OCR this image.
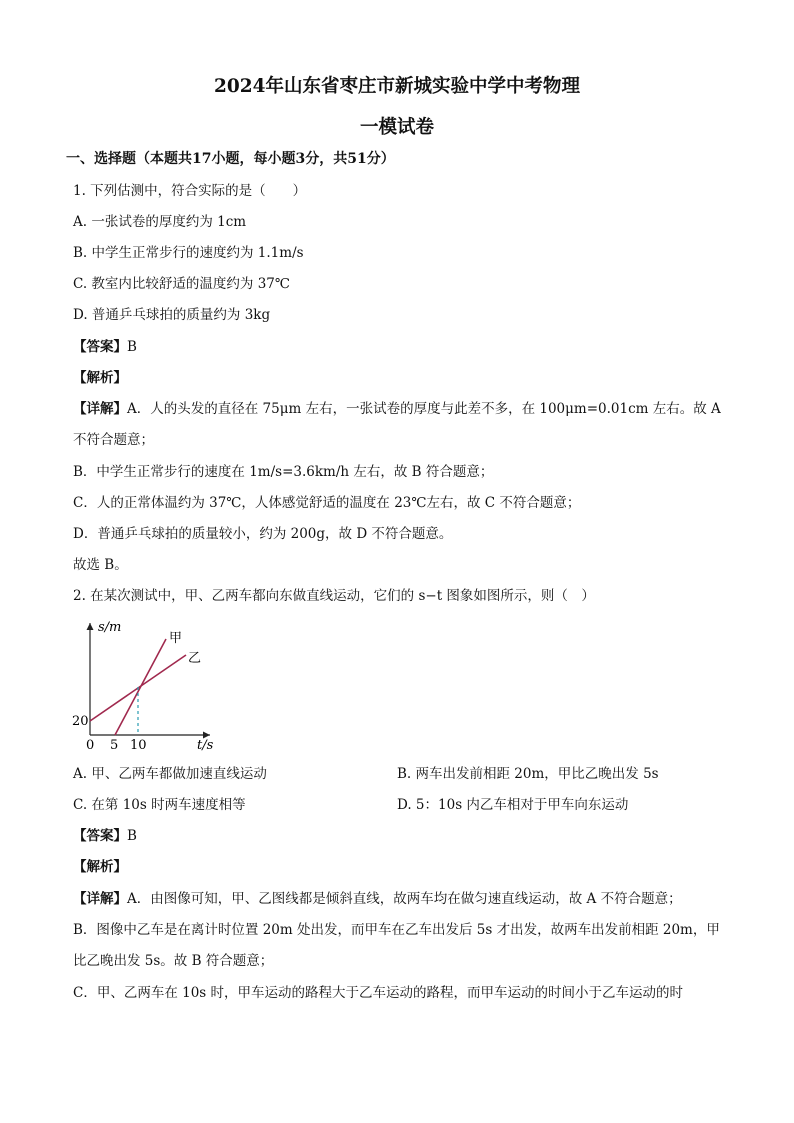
2024年山东省枣庄市新城实验中学中考物理
一模试卷
一、选择题（本题共17小题，每小题3分，共51分）
1. 下列估测中，符合实际的是（　　）
A. 一张试卷的厚度约为 1cm
B. 中学生正常步行的速度约为 1.1m/s
C. 教室内比较舒适的温度约为 37℃
D. 普通乒乓球拍的质量约为 3kg
【答案】B
【解析】
【详解】A．人的头发的直径在 75μm 左右，一张试卷的厚度与此差不多，在 100μm=0.01cm 左右。故 A
不符合题意；
B．中学生正常步行的速度在 1m/s=3.6km/h 左右，故 B 符合题意；
C．人的正常体温约为 37℃，人体感觉舒适的温度在 23℃左右，故 C 不符合题意；
D．普通乒乓球拍的质量较小，约为 200g，故 D 不符合题意。
故选 B。
2. 在某次测试中，甲、乙两车都向东做直线运动，它们的 s−t 图象如图所示，则（　）
s/m
t/s
20
0 5 10
甲
乙
A. 甲、乙两车都做加速直线运动	B. 两车出发前相距 20m，甲比乙晚出发 5s
C. 在第 10s 时两车速度相等	D. 5：10s 内乙车相对于甲车向东运动
【答案】B
【解析】
【详解】A．由图像可知，甲、乙图线都是倾斜直线，故两车均在做匀速直线运动，故 A 不符合题意；
B．图像中乙车是在离计时位置 20m 处出发，而甲车在乙车出发后 5s 才出发，故两车出发前相距 20m，甲
比乙晚出发 5s。故 B 符合题意；
C．甲、乙两车在 10s 时，甲车运动的路程大于乙车运动的路程，而甲车运动的时间小于乙车运动的时
